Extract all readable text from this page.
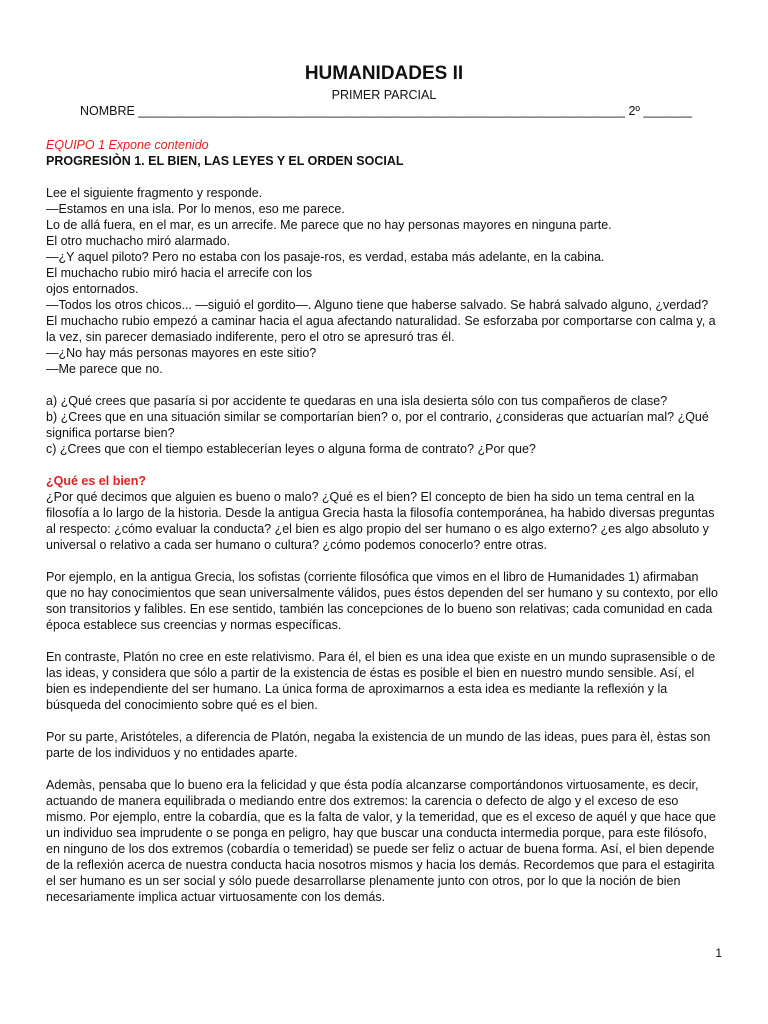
HUMANIDADES II
PRIMER PARCIAL
NOMBRE ______________________________________________________________________ 2º _______
EQUIPO 1 Expone contenido
PROGRESIÒN 1. EL BIEN, LAS LEYES Y EL ORDEN SOCIAL
Lee el siguiente fragmento y responde.
—Estamos en una isla. Por lo menos, eso me parece.
Lo de allá fuera, en el mar, es un arrecife. Me parece que no hay personas mayores en ninguna parte.
El otro muchacho miró alarmado.
—¿Y aquel piloto? Pero no estaba con los pasaje-ros, es verdad, estaba más adelante, en la cabina.
El muchacho rubio miró hacia el arrecife con los
ojos entornados.
—Todos los otros chicos... —siguió el gordito—. Alguno tiene que haberse salvado. Se habrá salvado alguno, ¿verdad?
El muchacho rubio empezó a caminar hacia el agua afectando naturalidad. Se esforzaba por comportarse con calma y, a
la vez, sin parecer demasiado indiferente, pero el otro se apresuró tras él.
—¿No hay más personas mayores en este sitio?
—Me parece que no.
a) ¿Qué crees que pasaría si por accidente te quedaras en una isla desierta sólo con tus compañeros de clase?
b) ¿Crees que en una situación similar se comportarían bien? o, por el contrario, ¿consideras que actuarían mal? ¿Qué
significa portarse bien?
c) ¿Crees que con el tiempo establecerían leyes o alguna forma de contrato? ¿Por que?
¿Qué es el bien?
¿Por qué decimos que alguien es bueno o malo? ¿Qué es el bien? El concepto de bien ha sido un tema central en la
filosofía a lo largo de la historia. Desde la antigua Grecia hasta la filosofía contemporánea, ha habido diversas preguntas
al respecto: ¿cómo evaluar la conducta? ¿el bien es algo propio del ser humano o es algo externo? ¿es algo absoluto y
universal o relativo a cada ser humano o cultura? ¿cómo podemos conocerlo? entre otras.
Por ejemplo, en la antigua Grecia, los sofistas (corriente filosófica que vimos en el libro de Humanidades 1) afirmaban
que no hay conocimientos que sean universalmente válidos, pues éstos dependen del ser humano y su contexto, por ello
son transitorios y falibles. En ese sentido, también las concepciones de lo bueno son relativas; cada comunidad en cada
época establece sus creencias y normas específicas.
En contraste, Platón no cree en este relativismo. Para él, el bien es una idea que existe en un mundo suprasensible o de
las ideas, y considera que sólo a partir de la existencia de éstas es posible el bien en nuestro mundo sensible. Así, el
bien es independiente del ser humano. La única forma de aproximarnos a esta idea es mediante la reflexión y la
búsqueda del conocimiento sobre qué es el bien.
Por su parte, Aristóteles, a diferencia de Platón, negaba la existencia de un mundo de las ideas, pues para èl, èstas son
parte de los individuos y no entidades aparte.
Ademàs, pensaba que lo bueno era la felicidad y que ésta podía alcanzarse comportándonos virtuosamente, es decir,
actuando de manera equilibrada o mediando entre dos extremos: la carencia o defecto de algo y el exceso de eso
mismo. Por ejemplo, entre la cobardía, que es la falta de valor, y la temeridad, que es el exceso de aquél y que hace que
un individuo sea imprudente o se ponga en peligro, hay que buscar una conducta intermedia porque, para este filósofo,
en ninguno de los dos extremos (cobardía o temeridad) se puede ser feliz o actuar de buena forma. Así, el bien depende
de la reflexión acerca de nuestra conducta hacia nosotros mismos y hacia los demás. Recordemos que para el estagirita
el ser humano es un ser social y sólo puede desarrollarse plenamente junto con otros, por lo que la noción de bien
necesariamente implica actuar virtuosamente con los demás.
1
